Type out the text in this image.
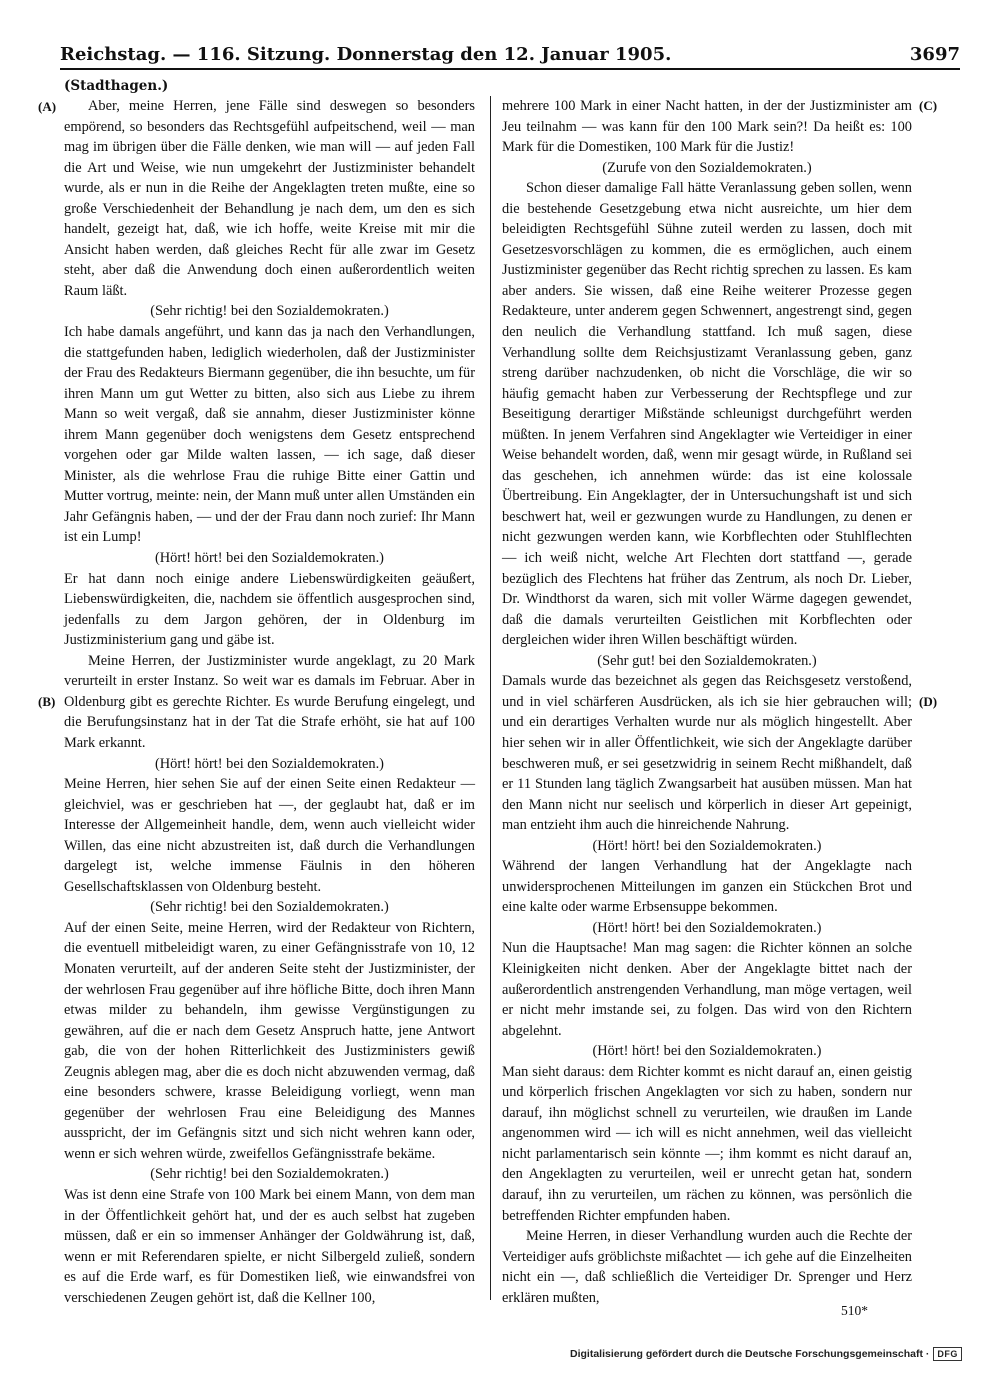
Reichstag. — 116. Sitzung. Donnerstag den 12. Januar 1905.	3697
(Stadthagen.)
(A)
(B)
(C)
(D)

Aber, meine Herren, jene Fälle sind deswegen so besonders empörend, so besonders das Rechtsgefühl aufpeitschend, weil — man mag im übrigen über die Fälle denken, wie man will — auf jeden Fall die Art und Weise, wie nun umgekehrt der Justizminister behandelt wurde, als er nun in die Reihe der Angeklagten treten mußte, eine so große Verschiedenheit der Behandlung je nach dem, um den es sich handelt, gezeigt hat, daß, wie ich hoffe, weite Kreise mit mir die Ansicht haben werden, daß gleiches Recht für alle zwar im Gesetz steht, aber daß die Anwendung doch einen außerordentlich weiten Raum läßt.

(Sehr richtig! bei den Sozialdemokraten.)

Ich habe damals angeführt, und kann das ja nach den Verhandlungen, die stattgefunden haben, lediglich wiederholen, daß der Justizminister der Frau des Redakteurs Biermann gegenüber, die ihn besuchte, um für ihren Mann um gut Wetter zu bitten, also sich aus Liebe zu ihrem Mann so weit vergaß, daß sie annahm, dieser Justizminister könne ihrem Mann gegenüber doch wenigstens dem Gesetz entsprechend vorgehen oder gar Milde walten lassen, — ich sage, daß dieser Minister, als die wehrlose Frau die ruhige Bitte einer Gattin und Mutter vortrug, meinte: nein, der Mann muß unter allen Umständen ein Jahr Gefängnis haben, — und der der Frau dann noch zurief: Ihr Mann ist ein Lump!

(Hört! hört! bei den Sozialdemokraten.)

Er hat dann noch einige andere Liebenswürdigkeiten geäußert, Liebenswürdigkeiten, die, nachdem sie öffentlich ausgesprochen sind, jedenfalls zu dem Jargon gehören, der in Oldenburg im Justizministerium gang und gäbe ist.

Meine Herren, der Justizminister wurde angeklagt, zu 20 Mark verurteilt in erster Instanz. So weit war es damals im Februar. Aber in Oldenburg gibt es gerechte Richter. Es wurde Berufung eingelegt, und die Berufungsinstanz hat in der Tat die Strafe erhöht, sie hat auf 100 Mark erkannt.

(Hört! hört! bei den Sozialdemokraten.)

Meine Herren, hier sehen Sie auf der einen Seite einen Redakteur — gleichviel, was er geschrieben hat —, der geglaubt hat, daß er im Interesse der Allgemeinheit handle, dem, wenn auch vielleicht wider Willen, das eine nicht abzustreiten ist, daß durch die Verhandlungen dargelegt ist, welche immense Fäulnis in den höheren Gesellschaftsklassen von Oldenburg besteht.

(Sehr richtig! bei den Sozialdemokraten.)

Auf der einen Seite, meine Herren, wird der Redakteur von Richtern, die eventuell mitbeleidigt waren, zu einer Gefängnisstrafe von 10, 12 Monaten verurteilt, auf der anderen Seite steht der Justizminister, der der wehrlosen Frau gegenüber auf ihre höfliche Bitte, doch ihren Mann etwas milder zu behandeln, ihm gewisse Vergünstigungen zu gewähren, auf die er nach dem Gesetz Anspruch hatte, jene Antwort gab, die von der hohen Ritterlichkeit des Justizministers gewiß Zeugnis ablegen mag, aber die es doch nicht abzuwenden vermag, daß eine besonders schwere, krasse Beleidigung vorliegt, wenn man gegenüber der wehrlosen Frau eine Beleidigung des Mannes ausspricht, der im Gefängnis sitzt und sich nicht wehren kann oder, wenn er sich wehren würde, zweifellos Gefängnisstrafe bekäme.

(Sehr richtig! bei den Sozialdemokraten.)

Was ist denn eine Strafe von 100 Mark bei einem Mann, von dem man in der Öffentlichkeit gehört hat, und der es auch selbst hat zugeben müssen, daß er ein so immenser Anhänger der Goldwährung ist, daß, wenn er mit Referendaren spielte, er nicht Silbergeld zuließ, sondern es auf die Erde warf, es für Domestiken ließ, wie einwandsfrei von verschiedenen Zeugen gehört ist, daß die Kellner 100,

mehrere 100 Mark in einer Nacht hatten, in der der Justizminister am Jeu teilnahm — was kann für den 100 Mark sein?! Da heißt es: 100 Mark für die Domestiken, 100 Mark für die Justiz!

(Zurufe von den Sozialdemokraten.)

Schon dieser damalige Fall hätte Veranlassung geben sollen, wenn die bestehende Gesetzgebung etwa nicht ausreichte, um hier dem beleidigten Rechtsgefühl Sühne zuteil werden zu lassen, doch mit Gesetzesvorschlägen zu kommen, die es ermöglichen, auch einem Justizminister gegenüber das Recht richtig sprechen zu lassen. Es kam aber anders. Sie wissen, daß eine Reihe weiterer Prozesse gegen Redakteure, unter anderem gegen Schwennert, angestrengt sind, gegen den neulich die Verhandlung stattfand. Ich muß sagen, diese Verhandlung sollte dem Reichsjustizamt Veranlassung geben, ganz streng darüber nachzudenken, ob nicht die Vorschläge, die wir so häufig gemacht haben zur Verbesserung der Rechtspflege und zur Beseitigung derartiger Mißstände schleunigst durchgeführt werden müßten. In jenem Verfahren sind Angeklagter wie Verteidiger in einer Weise behandelt worden, daß, wenn mir gesagt würde, in Rußland sei das geschehen, ich annehmen würde: das ist eine kolossale Übertreibung. Ein Angeklagter, der in Untersuchungshaft ist und sich beschwert hat, weil er gezwungen wurde zu Handlungen, zu denen er nicht gezwungen werden kann, wie Korbflechten oder Stuhlflechten — ich weiß nicht, welche Art Flechten dort stattfand —, gerade bezüglich des Flechtens hat früher das Zentrum, als noch Dr. Lieber, Dr. Windthorst da waren, sich mit voller Wärme dagegen gewendet, daß die damals verurteilten Geistlichen mit Korbflechten oder dergleichen wider ihren Willen beschäftigt würden.

(Sehr gut! bei den Sozialdemokraten.)

Damals wurde das bezeichnet als gegen das Reichsgesetz verstoßend, und in viel schärferen Ausdrücken, als ich sie hier gebrauchen will; und ein derartiges Verhalten wurde nur als möglich hingestellt. Aber hier sehen wir in aller Öffentlichkeit, wie sich der Angeklagte darüber beschweren muß, er sei gesetzwidrig in seinem Recht mißhandelt, daß er 11 Stunden lang täglich Zwangsarbeit hat ausüben müssen. Man hat den Mann nicht nur seelisch und körperlich in dieser Art gepeinigt, man entzieht ihm auch die hinreichende Nahrung.

(Hört! hört! bei den Sozialdemokraten.)

Während der langen Verhandlung hat der Angeklagte nach unwidersprochenen Mitteilungen im ganzen ein Stückchen Brot und eine kalte oder warme Erbsensuppe bekommen.

(Hört! hört! bei den Sozialdemokraten.)

Nun die Hauptsache! Man mag sagen: die Richter können an solche Kleinigkeiten nicht denken. Aber der Angeklagte bittet nach der außerordentlich anstrengenden Verhandlung, man möge vertagen, weil er nicht mehr imstande sei, zu folgen. Das wird von den Richtern abgelehnt.

(Hört! hört! bei den Sozialdemokraten.)

Man sieht daraus: dem Richter kommt es nicht darauf an, einen geistig und körperlich frischen Angeklagten vor sich zu haben, sondern nur darauf, ihn möglichst schnell zu verurteilen, wie draußen im Lande angenommen wird — ich will es nicht annehmen, weil das vielleicht nicht parlamentarisch sein könnte —; ihm kommt es nicht darauf an, den Angeklagten zu verurteilen, weil er unrecht getan hat, sondern darauf, ihn zu verurteilen, um rächen zu können, was persönlich die betreffenden Richter empfunden haben.

Meine Herren, in dieser Verhandlung wurden auch die Rechte der Verteidiger aufs gröblichste mißachtet — ich gehe auf die Einzelheiten nicht ein —, daß schließlich die Verteidiger Dr. Sprenger und Herz erklären mußten,

510*
Digitalisierung gefördert durch die Deutsche Forschungsgemeinschaft · DFG
